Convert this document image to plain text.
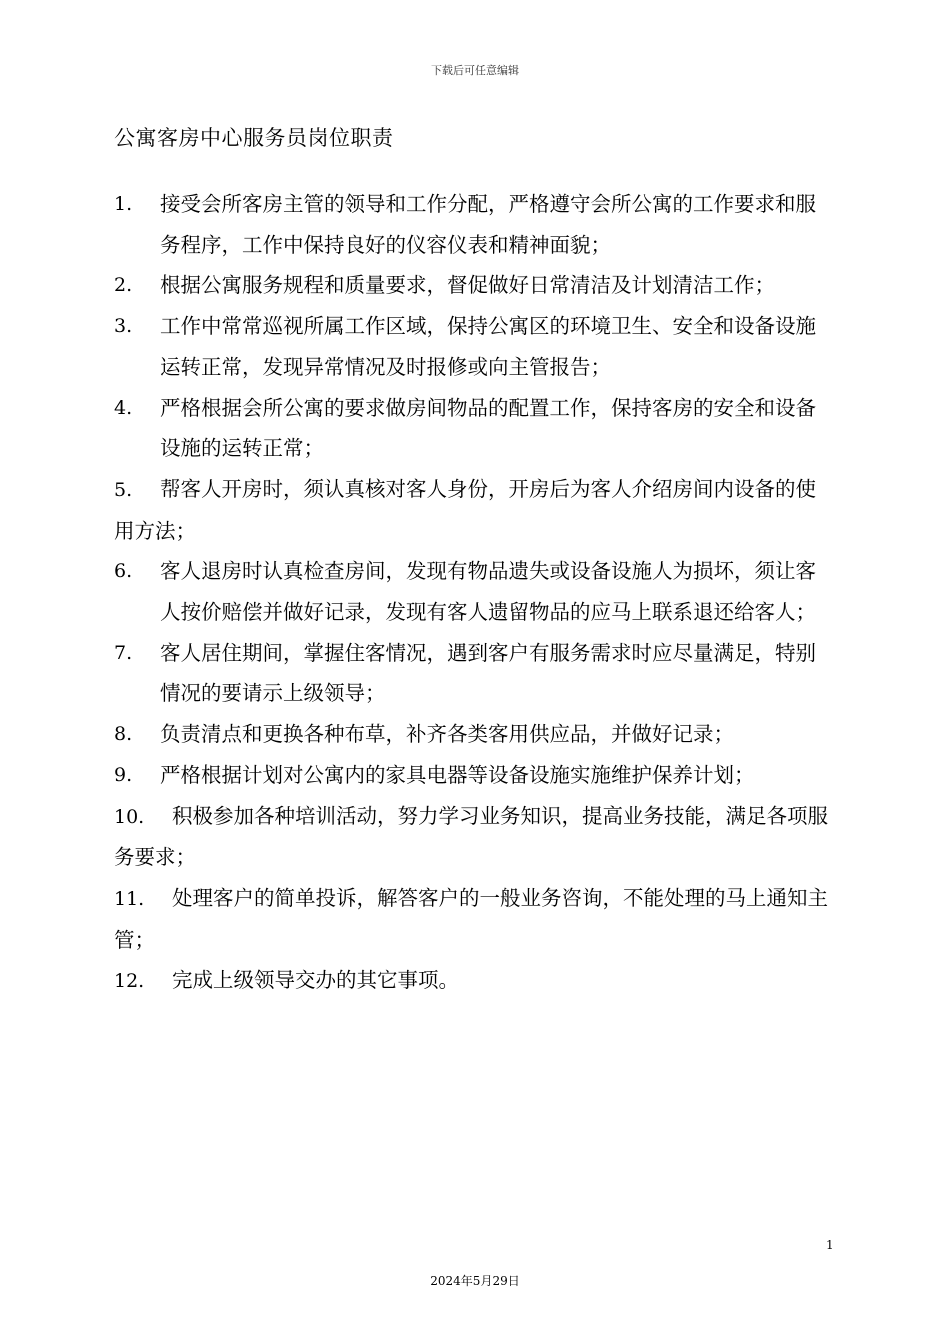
下载后可任意编辑
公寓客房中心服务员岗位职责
1. 接受会所客房主管的领导和工作分配，严格遵守会所公寓的工作要求和服务程序，工作中保持良好的仪容仪表和精神面貌；
2. 根据公寓服务规程和质量要求，督促做好日常清洁及计划清洁工作；
3. 工作中常常巡视所属工作区域，保持公寓区的环境卫生、安全和设备设施运转正常，发现异常情况及时报修或向主管报告；
4. 严格根据会所公寓的要求做房间物品的配置工作，保持客房的安全和设备设施的运转正常；
5. 帮客人开房时，须认真核对客人身份，开房后为客人介绍房间内设备的使用方法；
6. 客人退房时认真检查房间，发现有物品遗失或设备设施人为损坏，须让客人按价赔偿并做好记录，发现有客人遗留物品的应马上联系退还给客人；
7. 客人居住期间，掌握住客情况，遇到客户有服务需求时应尽量满足，特别情况的要请示上级领导；
8. 负责清点和更换各种布草，补齐各类客用供应品，并做好记录；
9. 严格根据计划对公寓内的家具电器等设备设施实施维护保养计划；
10. 积极参加各种培训活动，努力学习业务知识，提高业务技能，满足各项服务要求；
11. 处理客户的简单投诉，解答客户的一般业务咨询，不能处理的马上通知主管；
12. 完成上级领导交办的其它事项。
1
2024年5月29日
